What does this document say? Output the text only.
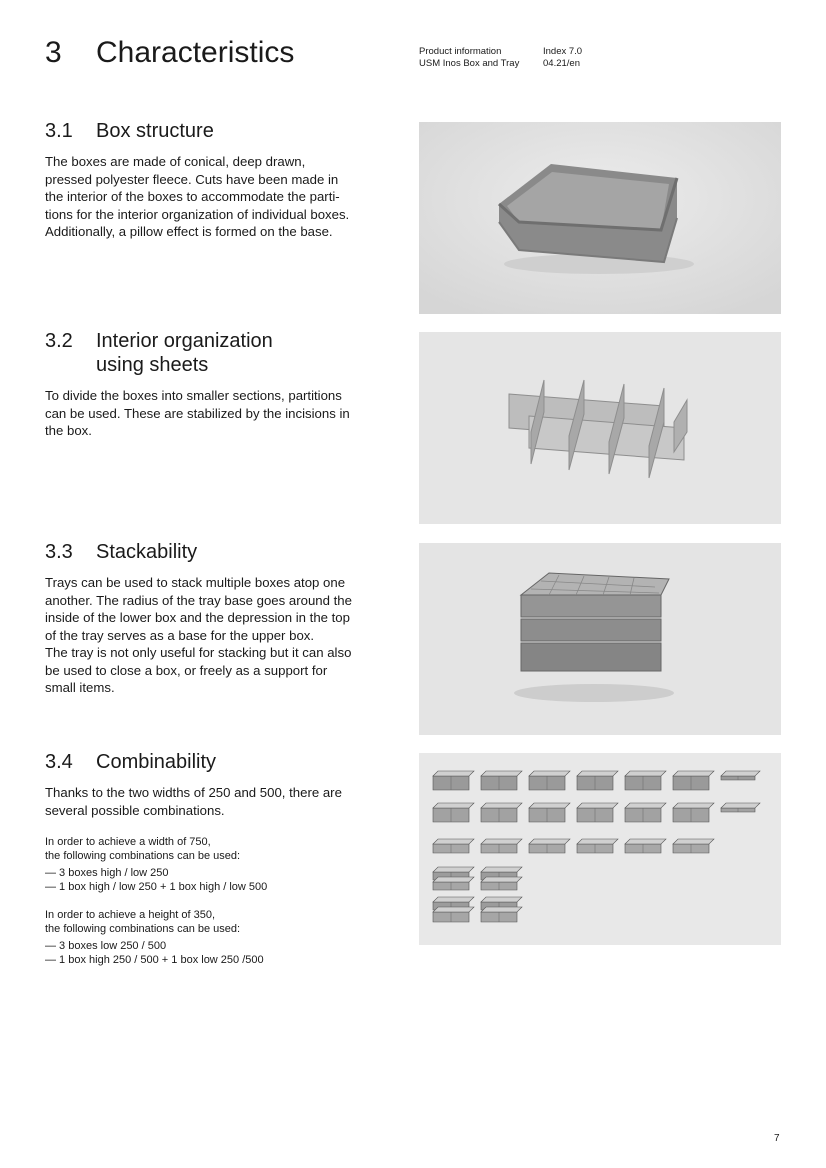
3 Characteristics	Product information
USM Inos Box and Tray
Index 7.0
04.21/en
3.1 Box structure
The boxes are made of conical, deep drawn,
pressed polyester fleece. Cuts have been made in
the interior of the boxes to accommodate the parti-
tions for the interior organization of individual boxes.
Additionally, a pillow effect is formed on the base.
3.2 Interior organization
using sheets
To divide the boxes into smaller sections, partitions
can be used. These are stabilized by the incisions in
the box.
3.3 Stackability
Trays can be used to stack multiple boxes atop one
another. The radius of the tray base goes around the
inside of the lower box and the depression in the top
of the tray serves as a base for the upper box.
The tray is not only useful for stacking but it can also
be used to close a box, or freely as a support for
small items.
3.4 Combinability
Thanks to the two widths of 250 and 500, there are
several possible combinations.
In order to achieve a width of 750,
the following combinations can be used:
— 3 boxes high / low 250
— 1 box high / low 250 + 1 box high / low 500
In order to achieve a height of 350,
the following combinations can be used:
— 3 boxes low 250 / 500
— 1 box high 250 / 500 + 1 box low 250 /500
7
